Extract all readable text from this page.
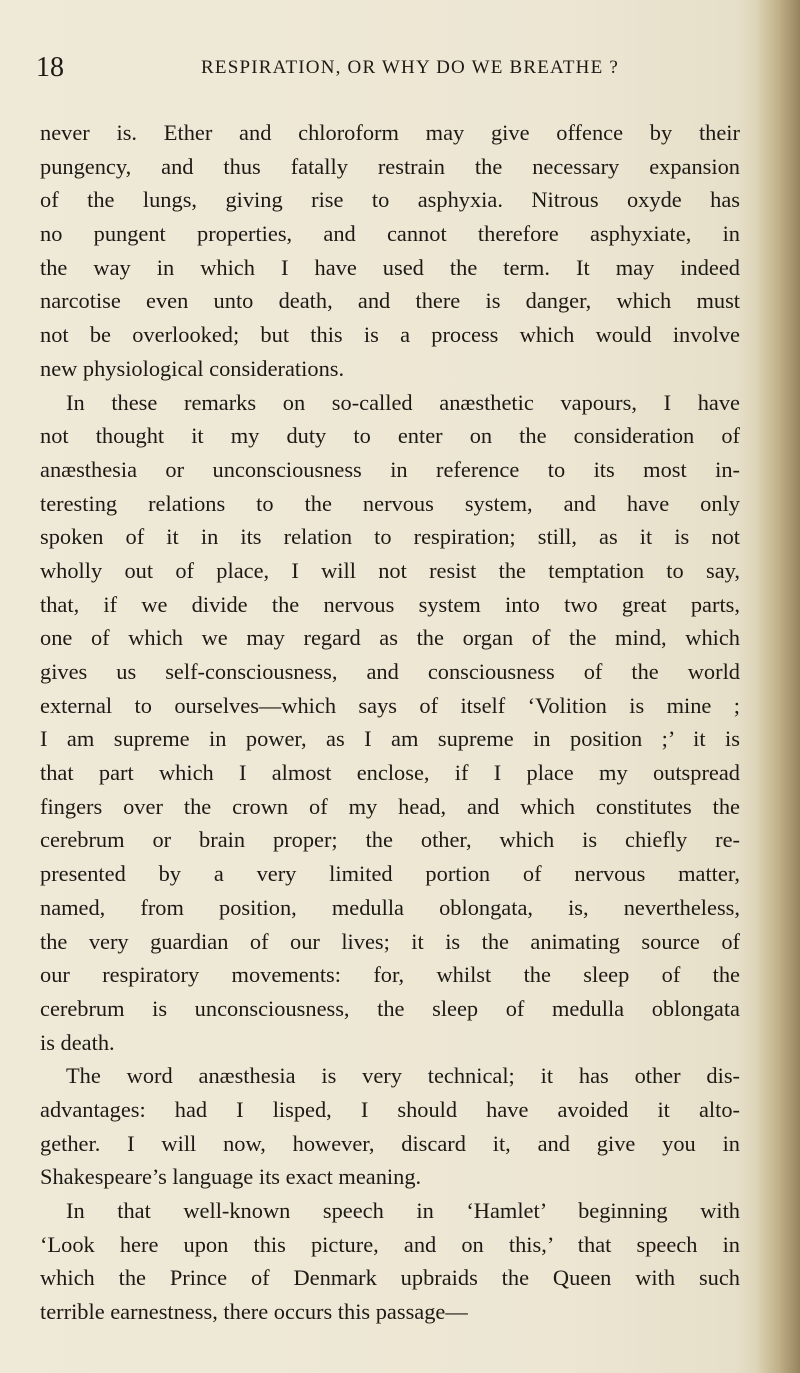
18	RESPIRATION, OR WHY DO WE BREATHE ?
never is. Ether and chloroform may give offence by their
pungency, and thus fatally restrain the necessary expansion
of the lungs, giving rise to asphyxia. Nitrous oxyde has
no pungent properties, and cannot therefore asphyxiate, in
the way in which I have used the term. It may indeed
narcotise even unto death, and there is danger, which must
not be overlooked; but this is a process which would involve
new physiological considerations.
In these remarks on so-called anæsthetic vapours, I have
not thought it my duty to enter on the consideration of
anæsthesia or unconsciousness in reference to its most in-
teresting relations to the nervous system, and have only
spoken of it in its relation to respiration; still, as it is not
wholly out of place, I will not resist the temptation to say,
that, if we divide the nervous system into two great parts,
one of which we may regard as the organ of the mind, which
gives us self-consciousness, and consciousness of the world
external to ourselves—which says of itself ‘Volition is mine ;
I am supreme in power, as I am supreme in position ;’ it is
that part which I almost enclose, if I place my outspread
fingers over the crown of my head, and which constitutes the
cerebrum or brain proper; the other, which is chiefly re-
presented by a very limited portion of nervous matter,
named, from position, medulla oblongata, is, nevertheless,
the very guardian of our lives; it is the animating source of
our respiratory movements: for, whilst the sleep of the
cerebrum is unconsciousness, the sleep of medulla oblongata
is death.
The word anæsthesia is very technical; it has other dis-
advantages: had I lisped, I should have avoided it alto-
gether. I will now, however, discard it, and give you in
Shakespeare’s language its exact meaning.
In that well-known speech in ‘Hamlet’ beginning with
‘Look here upon this picture, and on this,’ that speech in
which the Prince of Denmark upbraids the Queen with such
terrible earnestness, there occurs this passage—
